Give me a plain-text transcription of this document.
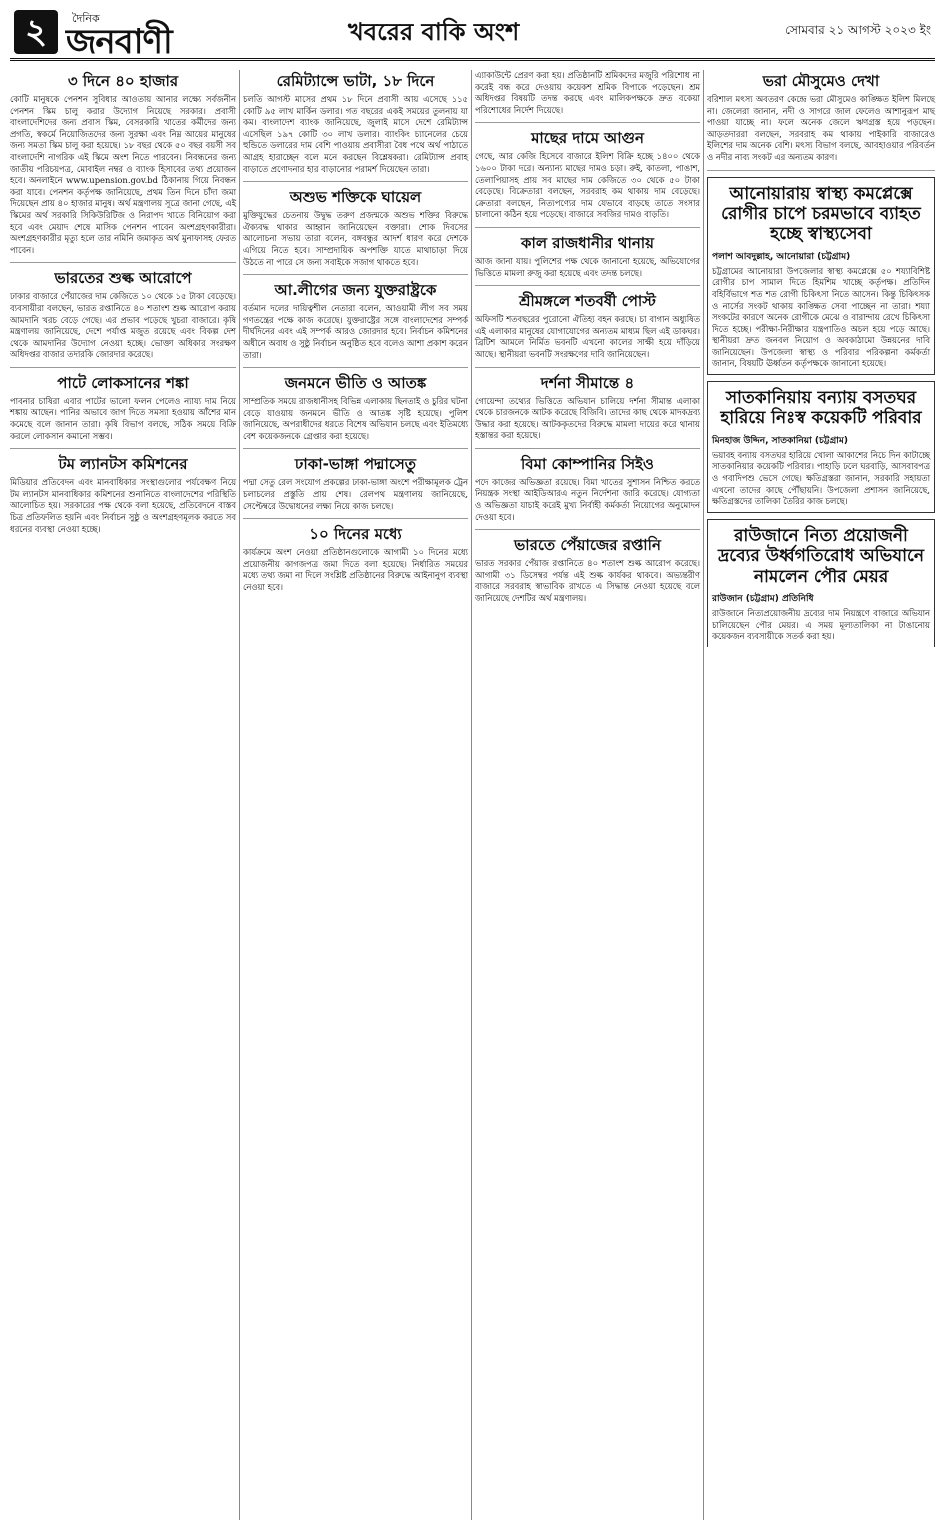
২	দৈনিক
জনবাণী	খবরের বাকি অংশ	সোমবার ২১ আগস্ট ২০২৩ ইং
৩ দিনে ৪০ হাজার

কোটি মানুষকে পেনশন সুবিধার আওতায় আনার লক্ষ্যে সর্বজনীন পেনশন স্কিম চালু করার উদ্যোগ নিয়েছে সরকার। প্রবাসী বাংলাদেশিদের জন্য প্রবাস স্কিম, বেসরকারি খাতের কর্মীদের জন্য প্রগতি, স্বকর্মে নিয়োজিতদের জন্য সুরক্ষা এবং নিম্ন আয়ের মানুষের জন্য সমতা স্কিম চালু করা হয়েছে। ১৮ বছর থেকে ৫০ বছর বয়সী সব বাংলাদেশি নাগরিক এই স্কিমে অংশ নিতে পারবেন। নিবন্ধনের জন্য জাতীয় পরিচয়পত্র, মোবাইল নম্বর ও ব্যাংক হিসাবের তথ্য প্রয়োজন হবে। অনলাইনে www.upension.gov.bd ঠিকানায় গিয়ে নিবন্ধন করা যাবে। পেনশন কর্তৃপক্ষ জানিয়েছে, প্রথম তিন দিনে চাঁদা জমা দিয়েছেন প্রায় ৪০ হাজার মানুষ। অর্থ মন্ত্রণালয় সূত্রে জানা গেছে, এই স্কিমের অর্থ সরকারি সিকিউরিটিজ ও নিরাপদ খাতে বিনিয়োগ করা হবে এবং মেয়াদ শেষে মাসিক পেনশন পাবেন অংশগ্রহণকারীরা। অংশগ্রহণকারীর মৃত্যু হলে তার নমিনি জমাকৃত অর্থ মুনাফাসহ ফেরত পাবেন।

ভারতের শুল্ক আরোপে

ঢাকার বাজারে পেঁয়াজের দাম কেজিতে ১০ থেকে ১৫ টাকা বেড়েছে। ব্যবসায়ীরা বলছেন, ভারত রপ্তানিতে ৪০ শতাংশ শুল্ক আরোপ করায় আমদানি খরচ বেড়ে গেছে। এর প্রভাব পড়েছে খুচরা বাজারে। কৃষি মন্ত্রণালয় জানিয়েছে, দেশে পর্যাপ্ত মজুত রয়েছে এবং বিকল্প দেশ থেকে আমদানির উদ্যোগ নেওয়া হচ্ছে। ভোক্তা অধিকার সংরক্ষণ অধিদপ্তর বাজার তদারকি জোরদার করেছে।

পাটে লোকসানের শঙ্কা

পাবনার চাষিরা এবার পাটের ভালো ফলন পেলেও ন্যায্য দাম নিয়ে শঙ্কায় আছেন। পানির অভাবে জাগ দিতে সমস্যা হওয়ায় আঁশের মান কমেছে বলে জানান তারা। কৃষি বিভাগ বলছে, সঠিক সময়ে বিক্রি করলে লোকসান কমানো সম্ভব।

টম ল্যানটস কমিশনের

মিডিয়ার প্রতিবেদন এবং মানবাধিকার সংস্থাগুলোর পর্যবেক্ষণ নিয়ে টম ল্যানটস মানবাধিকার কমিশনের শুনানিতে বাংলাদেশের পরিস্থিতি আলোচিত হয়। সরকারের পক্ষ থেকে বলা হয়েছে, প্রতিবেদনে বাস্তব চিত্র প্রতিফলিত হয়নি এবং নির্বাচন সুষ্ঠু ও অংশগ্রহণমূলক করতে সব ধরনের ব্যবস্থা নেওয়া হচ্ছে।

রেমিট্যান্সে ভাটা, ১৮ দিনে

চলতি আগস্ট মাসের প্রথম ১৮ দিনে প্রবাসী আয় এসেছে ১১৫ কোটি ৯৫ লাখ মার্কিন ডলার। গত বছরের একই সময়ের তুলনায় যা কম। বাংলাদেশ ব্যাংক জানিয়েছে, জুলাই মাসে দেশে রেমিট্যান্স এসেছিল ১৯৭ কোটি ৩০ লাখ ডলার। ব্যাংকিং চ্যানেলের চেয়ে হুন্ডিতে ডলারের দাম বেশি পাওয়ায় প্রবাসীরা বৈধ পথে অর্থ পাঠাতে আগ্রহ হারাচ্ছেন বলে মনে করছেন বিশ্লেষকরা। রেমিট্যান্স প্রবাহ বাড়াতে প্রণোদনার হার বাড়ানোর পরামর্শ দিয়েছেন তারা।

অশুভ শক্তিকে ঘায়েল

মুক্তিযুদ্ধের চেতনায় উদ্বুদ্ধ তরুণ প্রজন্মকে অশুভ শক্তির বিরুদ্ধে ঐক্যবদ্ধ থাকার আহ্বান জানিয়েছেন বক্তারা। শোক দিবসের আলোচনা সভায় তারা বলেন, বঙ্গবন্ধুর আদর্শ ধারণ করে দেশকে এগিয়ে নিতে হবে। সাম্প্রদায়িক অপশক্তি যাতে মাথাচাড়া দিয়ে উঠতে না পারে সে জন্য সবাইকে সজাগ থাকতে হবে।

আ.লীগের জন্য যুক্তরাষ্ট্রকে

বর্তমান দলের দায়িত্বশীল নেতারা বলেন, আওয়ামী লীগ সব সময় গণতন্ত্রের পক্ষে কাজ করেছে। যুক্তরাষ্ট্রের সঙ্গে বাংলাদেশের সম্পর্ক দীর্ঘদিনের এবং এই সম্পর্ক আরও জোরদার হবে। নির্বাচন কমিশনের অধীনে অবাধ ও সুষ্ঠু নির্বাচন অনুষ্ঠিত হবে বলেও আশা প্রকাশ করেন তারা।

জনমনে ভীতি ও আতঙ্ক

সাম্প্রতিক সময়ে রাজধানীসহ বিভিন্ন এলাকায় ছিনতাই ও চুরির ঘটনা বেড়ে যাওয়ায় জনমনে ভীতি ও আতঙ্ক সৃষ্টি হয়েছে। পুলিশ জানিয়েছে, অপরাধীদের ধরতে বিশেষ অভিযান চলছে এবং ইতিমধ্যে বেশ কয়েকজনকে গ্রেপ্তার করা হয়েছে।

ঢাকা-ভাঙ্গা পদ্মাসেতু

পদ্মা সেতু রেল সংযোগ প্রকল্পের ঢাকা-ভাঙ্গা অংশে পরীক্ষামূলক ট্রেন চলাচলের প্রস্তুতি প্রায় শেষ। রেলপথ মন্ত্রণালয় জানিয়েছে, সেপ্টেম্বরে উদ্বোধনের লক্ষ্য নিয়ে কাজ চলছে।

১০ দিনের মধ্যে

কার্যক্রমে অংশ নেওয়া প্রতিষ্ঠানগুলোকে আগামী ১০ দিনের মধ্যে প্রয়োজনীয় কাগজপত্র জমা দিতে বলা হয়েছে। নির্ধারিত সময়ের মধ্যে তথ্য জমা না দিলে সংশ্লিষ্ট প্রতিষ্ঠানের বিরুদ্ধে আইনানুগ ব্যবস্থা নেওয়া হবে।

এ্যাকাউন্টে প্রেরণ করা হয়। প্রতিষ্ঠানটি শ্রমিকদের মজুরি পরিশোধ না করেই বন্ধ করে দেওয়ায় কয়েকশ শ্রমিক বিপাকে পড়েছেন। শ্রম অধিদপ্তর বিষয়টি তদন্ত করছে এবং মালিকপক্ষকে দ্রুত বকেয়া পরিশোধের নির্দেশ দিয়েছে।

মাছের দামে আগুন

গেছে, আর কেজি হিসেবে বাজারে ইলিশ বিক্রি হচ্ছে ১৪০০ থেকে ১৬০০ টাকা দরে। অন্যান্য মাছের দামও চড়া। রুই, কাতলা, পাঙাশ, তেলাপিয়াসহ প্রায় সব মাছের দাম কেজিতে ৩০ থেকে ৫০ টাকা বেড়েছে। বিক্রেতারা বলছেন, সরবরাহ কম থাকায় দাম বেড়েছে। ক্রেতারা বলছেন, নিত্যপণ্যের দাম যেভাবে বাড়ছে তাতে সংসার চালানো কঠিন হয়ে পড়েছে। বাজারে সবজির দামও বাড়তি।

কাল রাজধানীর থানায়

আজ জানা যায়। পুলিশের পক্ষ থেকে জানানো হয়েছে, অভিযোগের ভিত্তিতে মামলা রুজু করা হয়েছে এবং তদন্ত চলছে।

শ্রীমঙ্গলে শতবর্ষী পোস্ট

অফিসটি শতবছরের পুরোনো ঐতিহ্য বহন করছে। চা বাগান অধ্যুষিত এই এলাকার মানুষের যোগাযোগের অন্যতম মাধ্যম ছিল এই ডাকঘর। ব্রিটিশ আমলে নির্মিত ভবনটি এখনো কালের সাক্ষী হয়ে দাঁড়িয়ে আছে। স্থানীয়রা ভবনটি সংরক্ষণের দাবি জানিয়েছেন।

দর্শনা সীমান্তে ৪

গোয়েন্দা তথ্যের ভিত্তিতে অভিযান চালিয়ে দর্শনা সীমান্ত এলাকা থেকে চারজনকে আটক করেছে বিজিবি। তাদের কাছ থেকে মাদকদ্রব্য উদ্ধার করা হয়েছে। আটককৃতদের বিরুদ্ধে মামলা দায়ের করে থানায় হস্তান্তর করা হয়েছে।

বিমা কোম্পানির সিইও

পদে কাজের অভিজ্ঞতা রয়েছে। বিমা খাতের সুশাসন নিশ্চিত করতে নিয়ন্ত্রক সংস্থা আইডিআরএ নতুন নির্দেশনা জারি করেছে। যোগ্যতা ও অভিজ্ঞতা যাচাই করেই মুখ্য নির্বাহী কর্মকর্তা নিয়োগের অনুমোদন দেওয়া হবে।

ভারতে পেঁয়াজের রপ্তানি

ভারত সরকার পেঁয়াজ রপ্তানিতে ৪০ শতাংশ শুল্ক আরোপ করেছে। আগামী ৩১ ডিসেম্বর পর্যন্ত এই শুল্ক কার্যকর থাকবে। অভ্যন্তরীণ বাজারে সরবরাহ স্বাভাবিক রাখতে এ সিদ্ধান্ত নেওয়া হয়েছে বলে জানিয়েছে দেশটির অর্থ মন্ত্রণালয়।

ভরা মৌসুমেও দেখা

বরিশাল মৎস্য অবতরণ কেন্দ্রে ভরা মৌসুমেও কাঙ্ক্ষিত ইলিশ মিলছে না। জেলেরা জানান, নদী ও সাগরে জাল ফেলেও আশানুরূপ মাছ পাওয়া যাচ্ছে না। ফলে অনেক জেলে ঋণগ্রস্ত হয়ে পড়ছেন। আড়তদাররা বলছেন, সরবরাহ কম থাকায় পাইকারি বাজারেও ইলিশের দাম অনেক বেশি। মৎস্য বিভাগ বলছে, আবহাওয়ার পরিবর্তন ও নদীর নাব্য সংকট এর অন্যতম কারণ।

আনোয়ারায় স্বাস্থ্য কমপ্লেক্সে রোগীর চাপে চরমভাবে ব্যাহত হচ্ছে স্বাস্থ্যসেবা
পলাশ আবদুল্লাহ, আনোয়ারা (চট্টগ্রাম)

চট্টগ্রামের আনোয়ারা উপজেলার স্বাস্থ্য কমপ্লেক্সে ৫০ শয্যাবিশিষ্ট রোগীর চাপ সামাল দিতে হিমশিম খাচ্ছে কর্তৃপক্ষ। প্রতিদিন বহির্বিভাগে শত শত রোগী চিকিৎসা নিতে আসেন। কিন্তু চিকিৎসক ও নার্সের সংকট থাকায় কাঙ্ক্ষিত সেবা পাচ্ছেন না তারা। শয্যা সংকটের কারণে অনেক রোগীকে মেঝে ও বারান্দায় রেখে চিকিৎসা দিতে হচ্ছে। পরীক্ষা-নিরীক্ষার যন্ত্রপাতিও অচল হয়ে পড়ে আছে। স্থানীয়রা দ্রুত জনবল নিয়োগ ও অবকাঠামো উন্নয়নের দাবি জানিয়েছেন। উপজেলা স্বাস্থ্য ও পরিবার পরিকল্পনা কর্মকর্তা জানান, বিষয়টি ঊর্ধ্বতন কর্তৃপক্ষকে জানানো হয়েছে।

সাতকানিয়ায় বন্যায় বসতঘর হারিয়ে নিঃস্ব কয়েকটি পরিবার
মিনহাজ উদ্দিন, সাতকানিয়া (চট্টগ্রাম)

ভয়াবহ বন্যায় বসতঘর হারিয়ে খোলা আকাশের নিচে দিন কাটাচ্ছে সাতকানিয়ার কয়েকটি পরিবার। পাহাড়ি ঢলে ঘরবাড়ি, আসবাবপত্র ও গবাদিপশু ভেসে গেছে। ক্ষতিগ্রস্তরা জানান, সরকারি সহায়তা এখনো তাদের কাছে পৌঁছায়নি। উপজেলা প্রশাসন জানিয়েছে, ক্ষতিগ্রস্তদের তালিকা তৈরির কাজ চলছে।

রাউজানে নিত্য প্রয়োজনী দ্রব্যের উর্ধ্বগতিরোধ অভিযানে নামলেন পৌর মেয়র
রাউজান (চট্টগ্রাম) প্রতিনিধি

রাউজানে নিত্যপ্রয়োজনীয় দ্রব্যের দাম নিয়ন্ত্রণে বাজারে অভিযান চালিয়েছেন পৌর মেয়র। এ সময় মূল্যতালিকা না টাঙানোয় কয়েকজন ব্যবসায়ীকে সতর্ক করা হয়।
